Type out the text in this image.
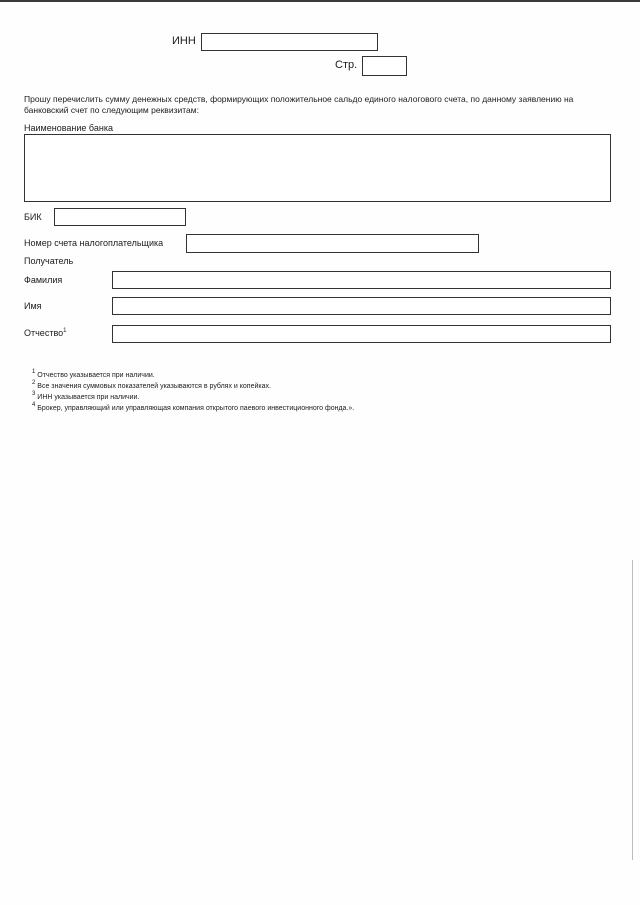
ИНН
Стр.
Прошу перечислить сумму денежных средств, формирующих положительное сальдо единого налогового счета, по данному заявлению на банковский счет по следующим реквизитам:
Наименование банка
БИК
Номер счета налогоплательщика
Получатель
Фамилия
Имя
Отчество$^1$
$^1$ Отчество указывается при наличии.
$^2$ Все значения суммовых показателей указываются в рублях и копейках.
$^3$ ИНН указывается при наличии.
$^4$ Брокер, управляющий или управляющая компания открытого паевого инвестиционного фонда.».
